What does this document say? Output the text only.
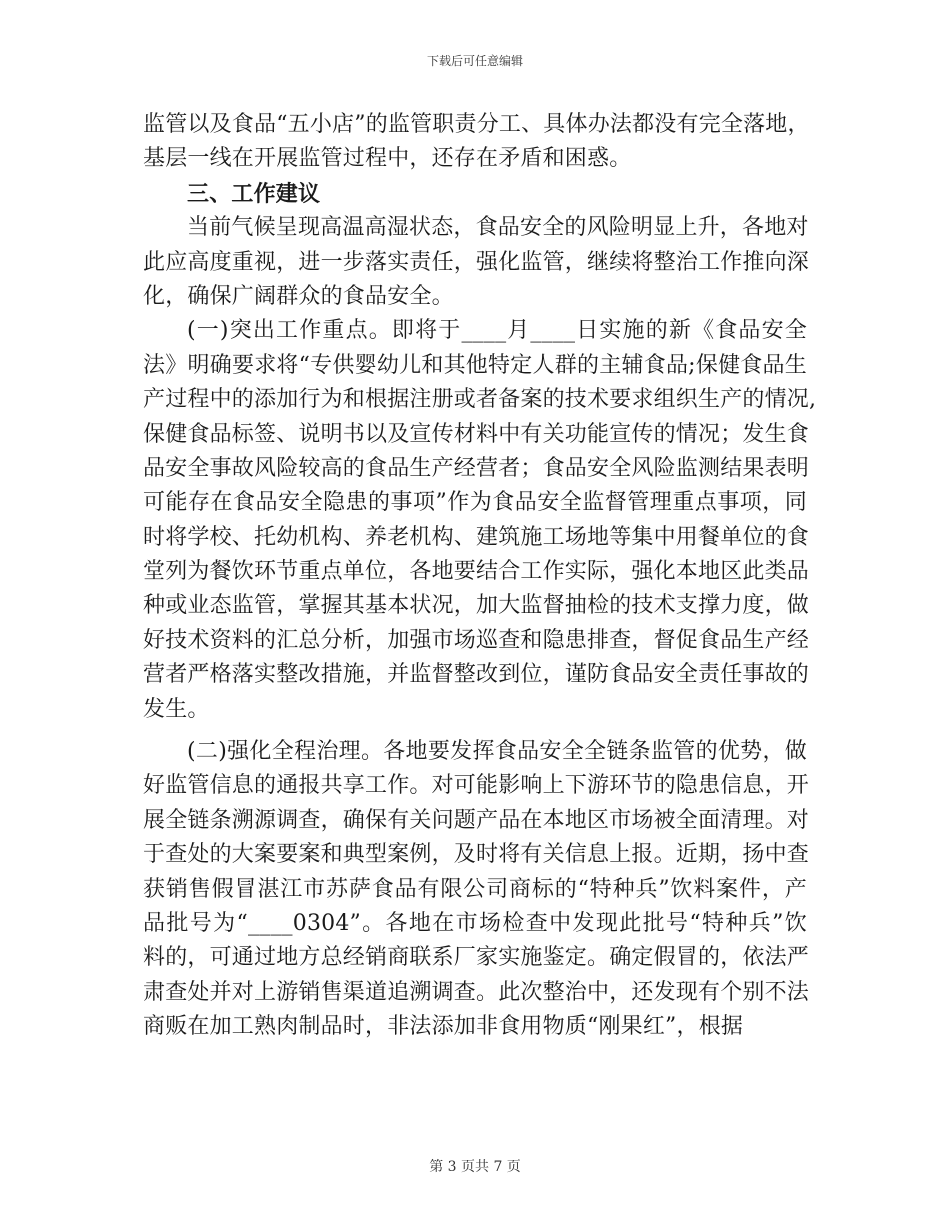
下载后可任意编辑
监管以及食品“五小店”的监管职责分工、具体办法都没有完全落地，
基层一线在开展监管过程中，还存在矛盾和困惑。
三、工作建议
当前气候呈现高温高湿状态，食品安全的风险明显上升，各地对
此应高度重视，进一步落实责任，强化监管，继续将整治工作推向深
化，确保广阔群众的食品安全。
(一)突出工作重点。即将于____月____日实施的新《食品安全
法》明确要求将“专供婴幼儿和其他特定人群的主辅食品;保健食品生
产过程中的添加行为和根据注册或者备案的技术要求组织生产的情况,
保健食品标签、说明书以及宣传材料中有关功能宣传的情况；发生食
品安全事故风险较高的食品生产经营者；食品安全风险监测结果表明
可能存在食品安全隐患的事项”作为食品安全监督管理重点事项，同
时将学校、托幼机构、养老机构、建筑施工场地等集中用餐单位的食
堂列为餐饮环节重点单位，各地要结合工作实际，强化本地区此类品
种或业态监管，掌握其基本状况，加大监督抽检的技术支撑力度，做
好技术资料的汇总分析，加强市场巡查和隐患排查，督促食品生产经
营者严格落实整改措施，并监督整改到位，谨防食品安全责任事故的
发生。
(二)强化全程治理。各地要发挥食品安全全链条监管的优势，做
好监管信息的通报共享工作。对可能影响上下游环节的隐患信息，开
展全链条溯源调查，确保有关问题产品在本地区市场被全面清理。对
于查处的大案要案和典型案例，及时将有关信息上报。近期，扬中查
获销售假冒湛江市苏萨食品有限公司商标的“特种兵”饮料案件，产
品批号为“____0304”。各地在市场检查中发现此批号“特种兵”饮
料的，可通过地方总经销商联系厂家实施鉴定。确定假冒的，依法严
肃查处并对上游销售渠道追溯调查。此次整治中，还发现有个别不法
商贩在加工熟肉制品时，非法添加非食用物质“刚果红”，根据
第 3 页共 7 页
